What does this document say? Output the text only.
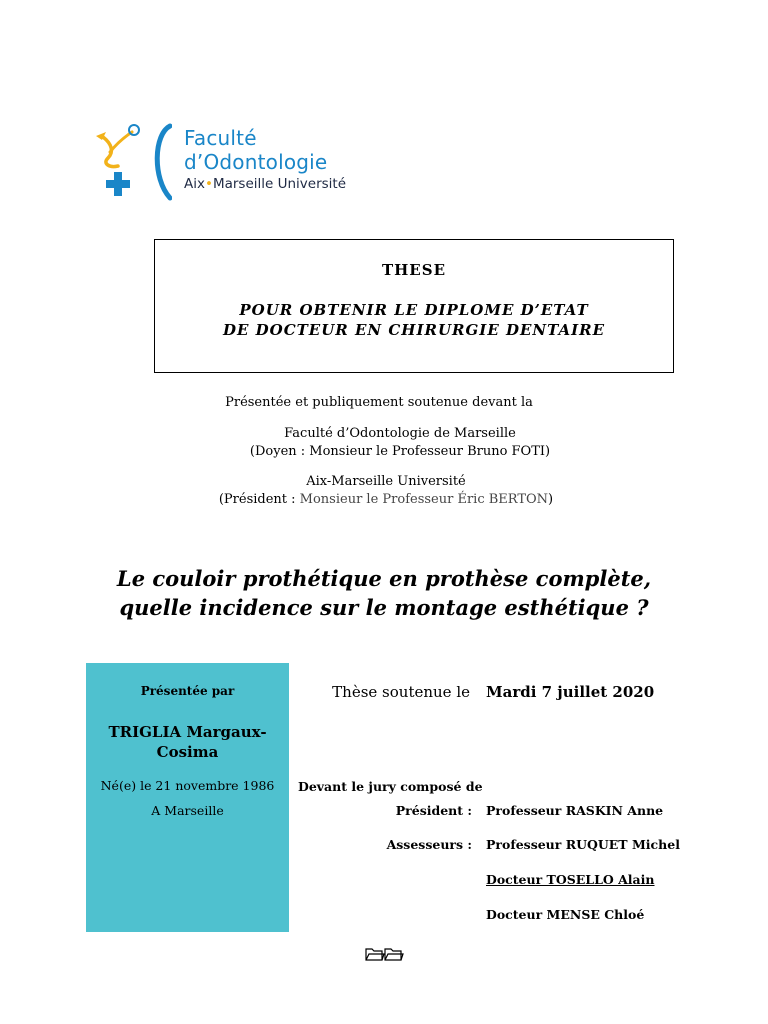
Faculté
d’Odontologie
Aix•Marseille Université
THESE
POUR OBTENIR LE DIPLOME D’ETAT
DE DOCTEUR EN CHIRURGIE DENTAIRE
Présentée et publiquement soutenue devant la
Faculté d’Odontologie de Marseille
(Doyen : Monsieur le Professeur Bruno FOTI)
Aix-Marseille Université
(Président : Monsieur le Professeur Éric BERTON)
Le couloir prothétique en prothèse complète,
quelle incidence sur le montage esthétique ?
Présentée par
TRIGLIA Margaux-
Cosima
Né(e) le 21 novembre 1986
A Marseille
Thèse soutenue le Mardi 7 juillet 2020
Devant le jury composé de
Président : Professeur RASKIN Anne
Assesseurs : Professeur RUQUET Michel
Docteur TOSELLO Alain
Docteur MENSE Chloé
